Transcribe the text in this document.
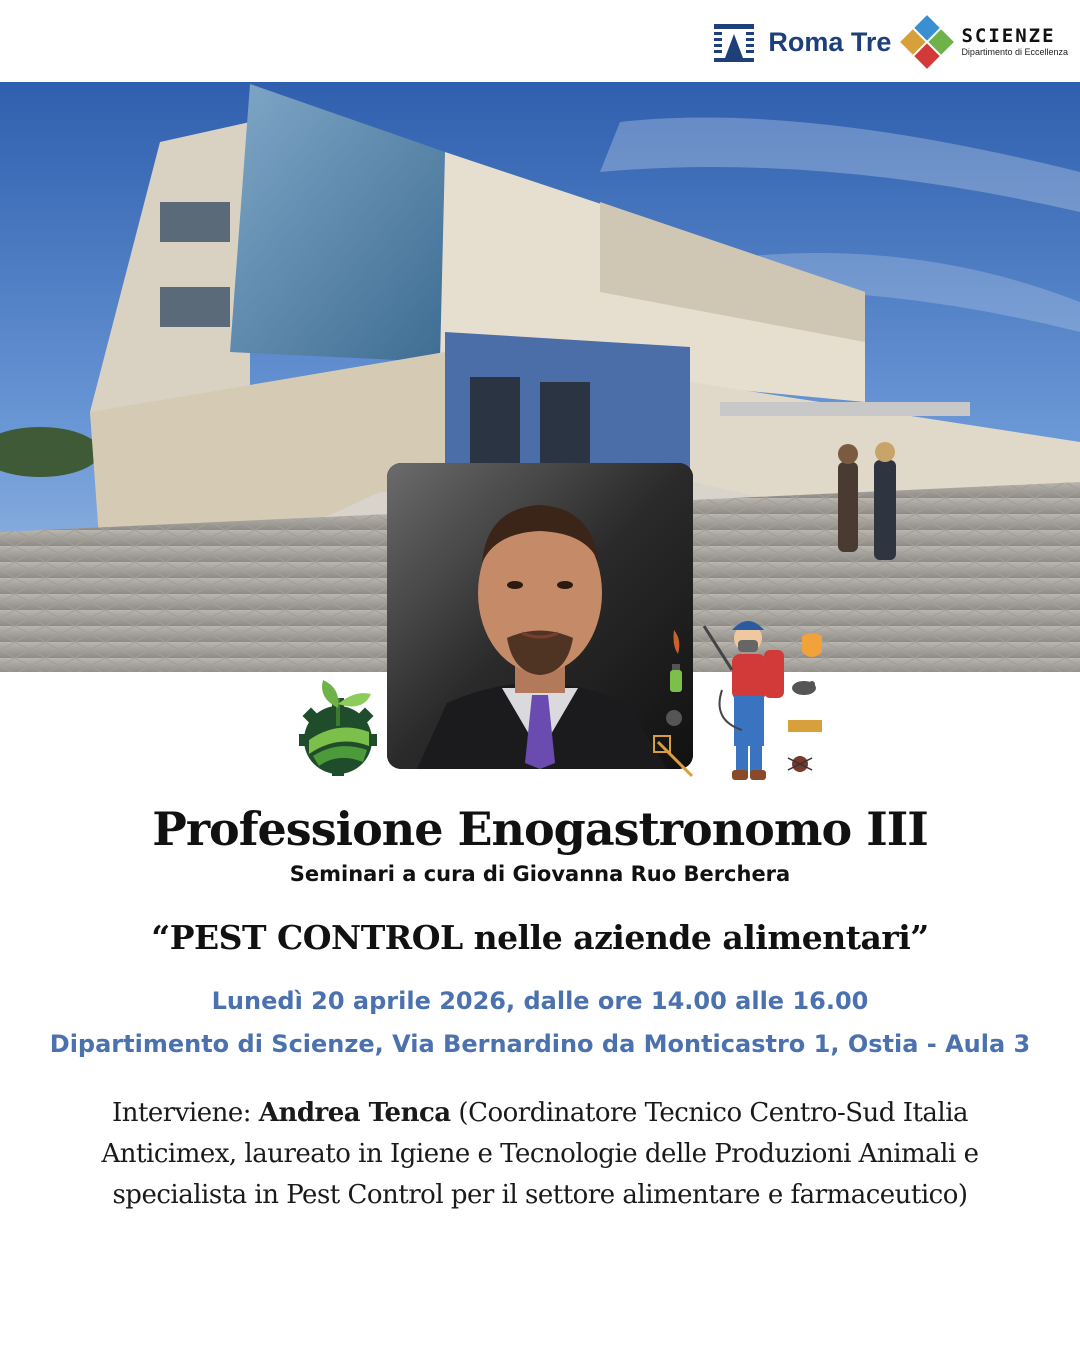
Roma Tre	SCIENZE
Dipartimento di Eccellenza
Professione Enogastronomo III
Seminari a cura di Giovanna Ruo Berchera
“PEST CONTROL nelle aziende alimentari”
Lunedì 20 aprile 2026, dalle ore 14.00 alle 16.00
Dipartimento di Scienze, Via Bernardino da Monticastro 1, Ostia - Aula 3
Interviene: Andrea Tenca (Coordinatore Tecnico Centro-Sud Italia Anticimex, laureato in Igiene e Tecnologie delle Produzioni Animali e specialista in Pest Control per il settore alimentare e farmaceutico)
